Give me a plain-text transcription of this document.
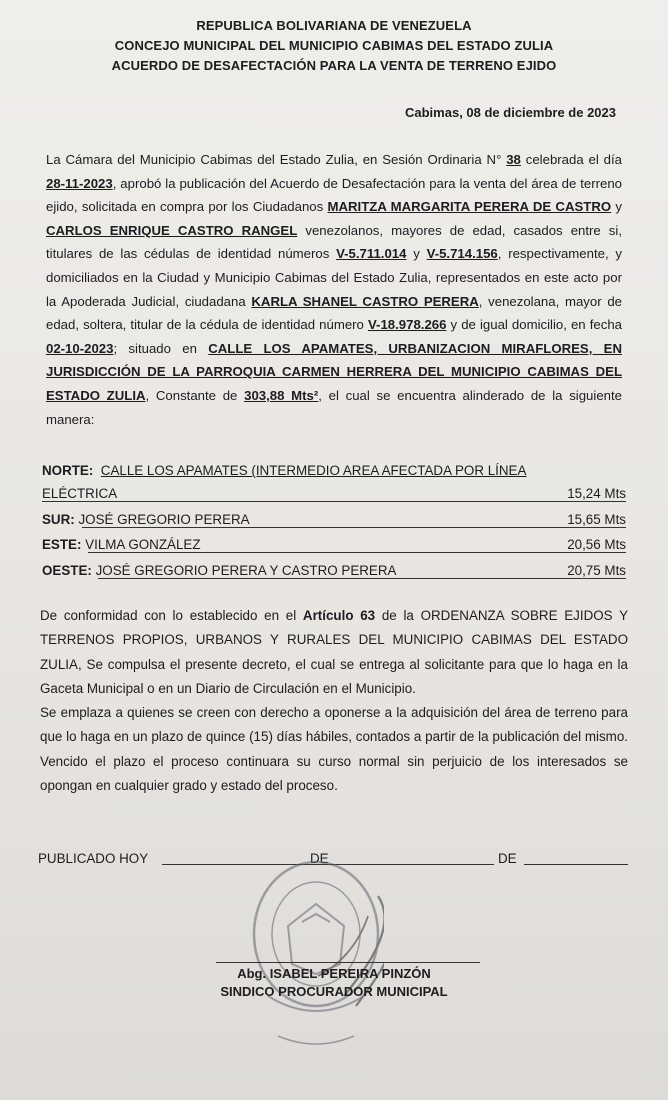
REPUBLICA BOLIVARIANA DE VENEZUELA
CONCEJO MUNICIPAL DEL MUNICIPIO CABIMAS DEL ESTADO ZULIA
ACUERDO DE DESAFECTACIÓN PARA LA VENTA DE TERRENO EJIDO
Cabimas, 08 de diciembre de 2023
La Cámara del Municipio Cabimas del Estado Zulia, en Sesión Ordinaria N° 38 celebrada el día 28-11-2023, aprobó la publicación del Acuerdo de Desafectación para la venta del área de terreno ejido, solicitada en compra por los Ciudadanos MARITZA MARGARITA PERERA DE CASTRO y CARLOS ENRIQUE CASTRO RANGEL venezolanos, mayores de edad, casados entre si, titulares de las cédulas de identidad números V-5.711.014 y V-5.714.156, respectivamente, y domiciliados en la Ciudad y Municipio Cabimas del Estado Zulia, representados en este acto por la Apoderada Judicial, ciudadana KARLA SHANEL CASTRO PERERA, venezolana, mayor de edad, soltera, titular de la cédula de identidad número V-18.978.266 y de igual domicilio, en fecha 02-10-2023; situado en CALLE LOS APAMATES, URBANIZACION MIRAFLORES, EN JURISDICCIÓN DE LA PARROQUIA CARMEN HERRERA DEL MUNICIPIO CABIMAS DEL ESTADO ZULIA, Constante de 303,88 Mts², el cual se encuentra alinderado de la siguiente manera:
NORTE: CALLE LOS APAMATES (INTERMEDIO AREA AFECTADA POR LÍNEA
ELÉCTRICA	15,24 Mts
SUR: JOSÉ GREGORIO PERERA	15,65 Mts
ESTE: VILMA GONZÁLEZ	20,56 Mts
OESTE: JOSÉ GREGORIO PERERA Y CASTRO PERERA	20,75 Mts
De conformidad con lo establecido en el Artículo 63 de la ORDENANZA SOBRE EJIDOS Y TERRENOS PROPIOS, URBANOS Y RURALES DEL MUNICIPIO CABIMAS DEL ESTADO ZULIA, Se compulsa el presente decreto, el cual se entrega al solicitante para que lo haga en la Gaceta Municipal o en un Diario de Circulación en el Municipio.
Se emplaza a quienes se creen con derecho a oponerse a la adquisición del área de terreno para que lo haga en un plazo de quince (15) días hábiles, contados a partir de la publicación del mismo. Vencido el plazo el proceso continuara su curso normal sin perjuicio de los interesados se opongan en cualquier grado y estado del proceso.
PUBLICADO HOY	DE	DE
Abg. ISABEL PEREIRA PINZÓN
SINDICO PROCURADOR MUNICIPAL
